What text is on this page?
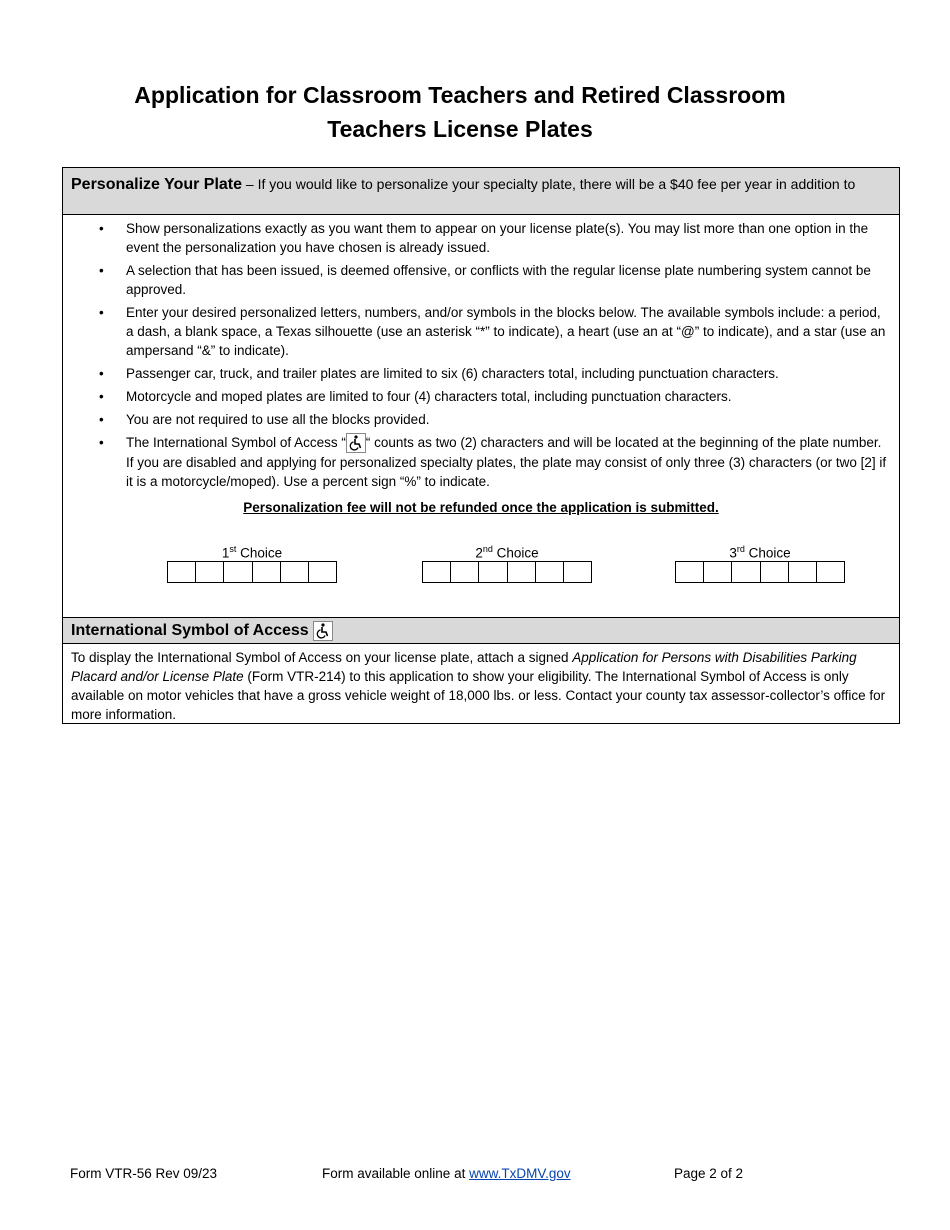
Application for Classroom Teachers and Retired Classroom
Teachers License Plates
Personalize Your Plate – If you would like to personalize your specialty plate, there will be a $40 fee per year in addition to
• Show personalizations exactly as you want them to appear on your license plate(s). You may list more than one option in the event the personalization you have chosen is already issued.
• A selection that has been issued, is deemed offensive, or conflicts with the regular license plate numbering system cannot be approved.
• Enter your desired personalized letters, numbers, and/or symbols in the blocks below. The available symbols include: a period, a dash, a blank space, a Texas silhouette (use an asterisk “*” to indicate), a heart (use an at “@” to indicate), and a star (use an ampersand “&” to indicate).
• Passenger car, truck, and trailer plates are limited to six (6) characters total, including punctuation characters.
• Motorcycle and moped plates are limited to four (4) characters total, including punctuation characters.
• You are not required to use all the blocks provided.
• The International Symbol of Access “ “ counts as two (2) characters and will be located at the beginning of the plate number. If you are disabled and applying for personalized specialty plates, the plate may consist of only three (3) characters (or two [2] if it is a motorcycle/moped). Use a percent sign “%” to indicate.
Personalization fee will not be refunded once the application is submitted.
1st Choice	2nd Choice	3rd Choice
International Symbol of Access
To display the International Symbol of Access on your license plate, attach a signed Application for Persons with Disabilities Parking Placard and/or License Plate (Form VTR-214) to this application to show your eligibility. The International Symbol of Access is only available on motor vehicles that have a gross vehicle weight of 18,000 lbs. or less. Contact your county tax assessor-collector’s office for more information.
Form VTR-56 Rev 09/23	Form available online at www.TxDMV.gov	Page 2 of 2
